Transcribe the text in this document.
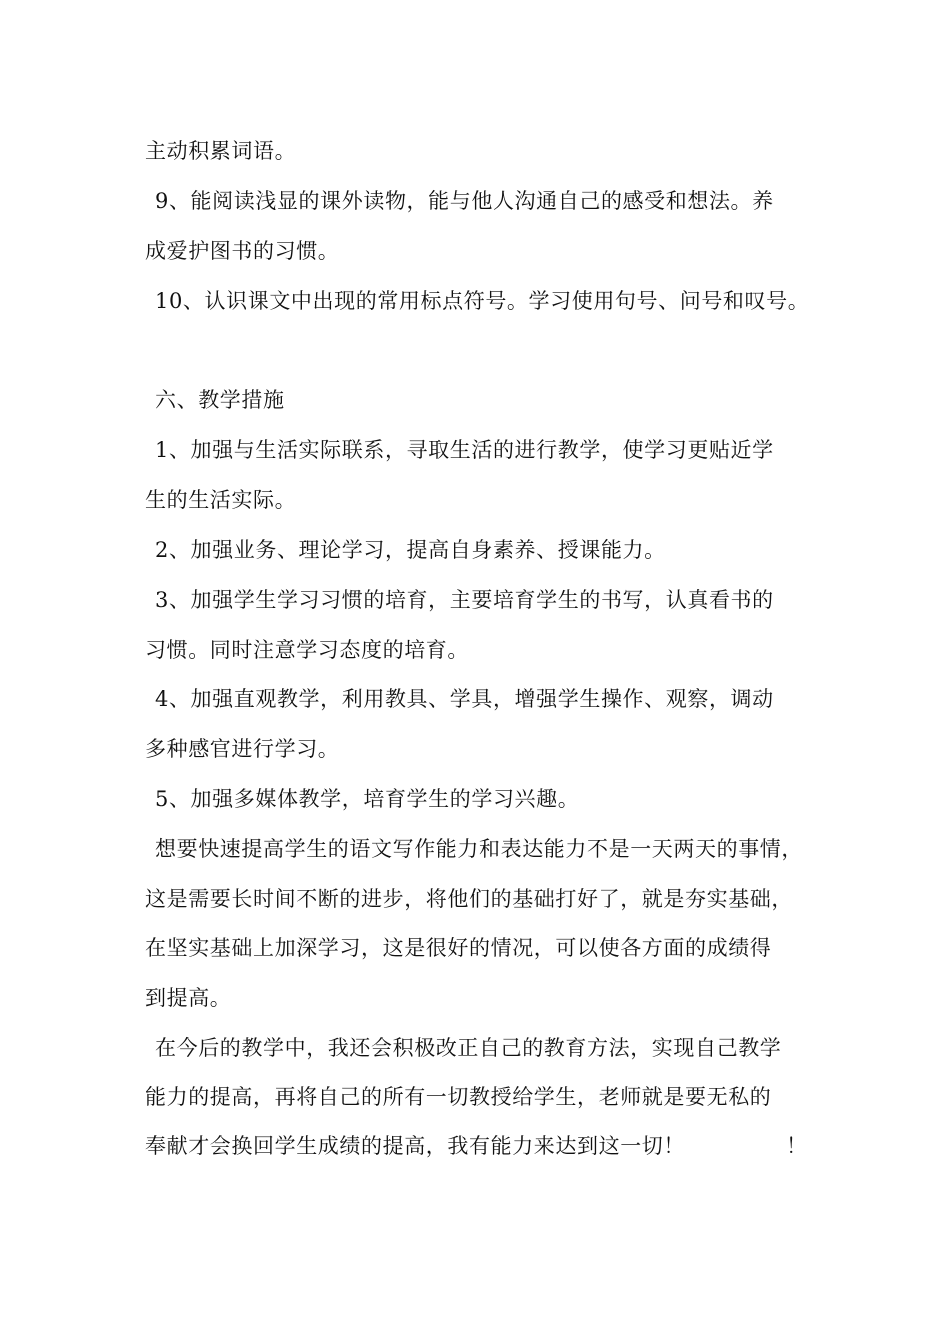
主动积累词语。
9、能阅读浅显的课外读物，能与他人沟通自己的感受和想法。养
成爱护图书的习惯。
10、认识课文中出现的常用标点符号。学习使用句号、问号和叹号。
六、教学措施
1、加强与生活实际联系，寻取生活的进行教学，使学习更贴近学
生的生活实际。
2、加强业务、理论学习，提高自身素养、授课能力。
3、加强学生学习习惯的培育，主要培育学生的书写，认真看书的
习惯。同时注意学习态度的培育。
4、加强直观教学，利用教具、学具，增强学生操作、观察，调动
多种感官进行学习。
5、加强多媒体教学，培育学生的学习兴趣。
想要快速提高学生的语文写作能力和表达能力不是一天两天的事情，
这是需要长时间不断的进步，将他们的基础打好了，就是夯实基础，
在坚实基础上加深学习，这是很好的情况，可以使各方面的成绩得
到提高。
在今后的教学中，我还会积极改正自己的教育方法，实现自己教学
能力的提高，再将自己的所有一切教授给学生，老师就是要无私的
奉献才会换回学生成绩的提高，我有能力来达到这一切！	！
